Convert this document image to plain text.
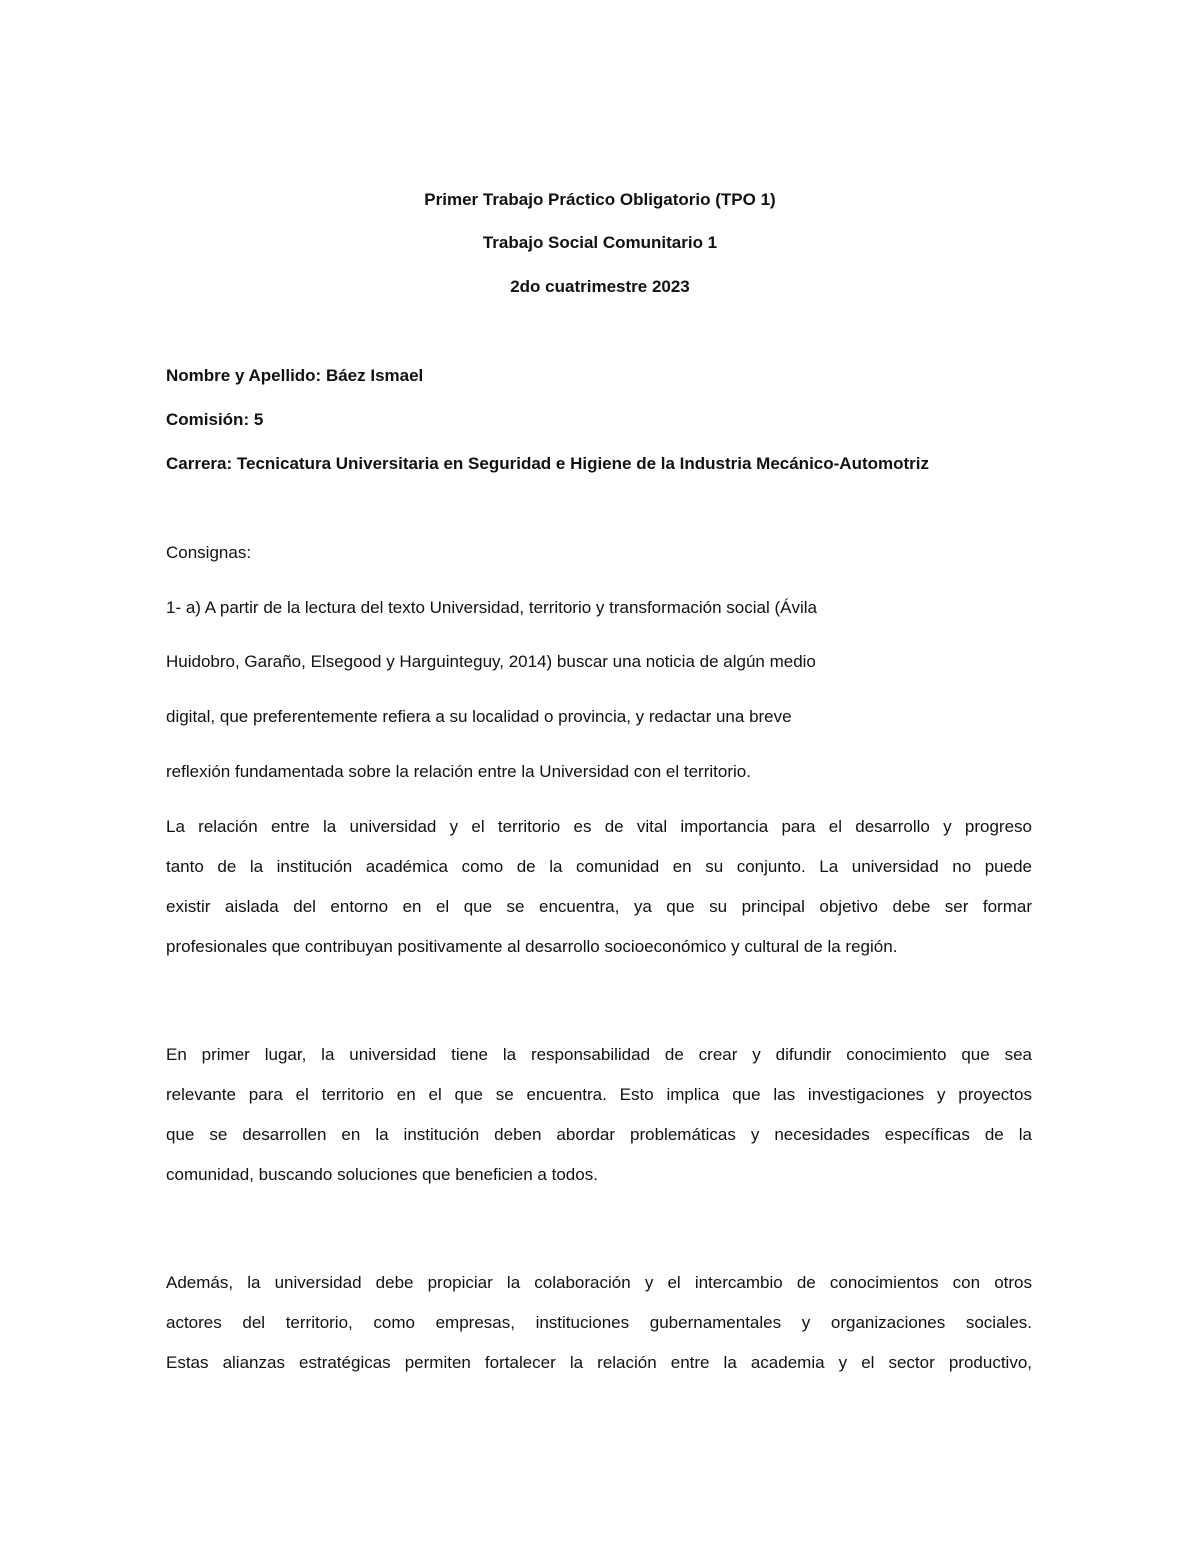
Primer Trabajo Práctico Obligatorio (TPO 1)

Trabajo Social Comunitario 1

2do cuatrimestre 2023

Nombre y Apellido: Báez Ismael

Comisión: 5

Carrera: Tecnicatura Universitaria en Seguridad e Higiene de la Industria Mecánico-Automotriz

Consignas:

1- a) A partir de la lectura del texto Universidad, territorio y transformación social (Ávila

Huidobro, Garaño, Elsegood y Harguinteguy, 2014) buscar una noticia de algún medio

digital, que preferentemente refiera a su localidad o provincia, y redactar una breve

reflexión fundamentada sobre la relación entre la Universidad con el territorio.

La relación entre la universidad y el territorio es de vital importancia para el desarrollo y progreso

tanto de la institución académica como de la comunidad en su conjunto. La universidad no puede

existir aislada del entorno en el que se encuentra, ya que su principal objetivo debe ser formar

profesionales que contribuyan positivamente al desarrollo socioeconómico y cultural de la región.

En primer lugar, la universidad tiene la responsabilidad de crear y difundir conocimiento que sea

relevante para el territorio en el que se encuentra. Esto implica que las investigaciones y proyectos

que se desarrollen en la institución deben abordar problemáticas y necesidades específicas de la

comunidad, buscando soluciones que beneficien a todos.

Además, la universidad debe propiciar la colaboración y el intercambio de conocimientos con otros

actores del territorio, como empresas, instituciones gubernamentales y organizaciones sociales.

Estas alianzas estratégicas permiten fortalecer la relación entre la academia y el sector productivo,
